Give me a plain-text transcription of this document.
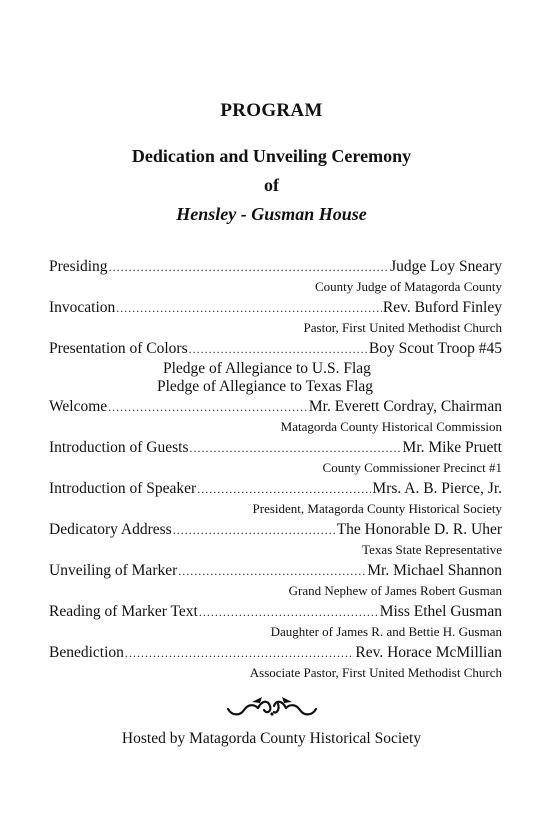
PROGRAM
Dedication and Unveiling Ceremony
of
Hensley - Gusman House
Presiding .....	Judge Loy Sneary
County Judge of Matagorda County
Invocation .....	Rev. Buford Finley
Pastor, First United Methodist Church
Presentation of Colors .....	Boy Scout Troop #45
Pledge of Allegiance to U.S. Flag
Pledge of Allegiance to Texas Flag
Welcome .....	Mr. Everett Cordray, Chairman
Matagorda County Historical Commission
Introduction of Guests .....	Mr. Mike Pruett
County Commissioner Precinct #1
Introduction of Speaker .....	Mrs. A. B. Pierce, Jr.
President, Matagorda County Historical Society
Dedicatory Address .....	The Honorable D. R. Uher
Texas State Representative
Unveiling of Marker .....	Mr. Michael Shannon
Grand Nephew of James Robert Gusman
Reading of Marker Text .....	Miss Ethel Gusman
Daughter of James R. and Bettie H. Gusman
Benediction .....	Rev. Horace McMillian
Associate Pastor, First United Methodist Church
Hosted by Matagorda County Historical Society
